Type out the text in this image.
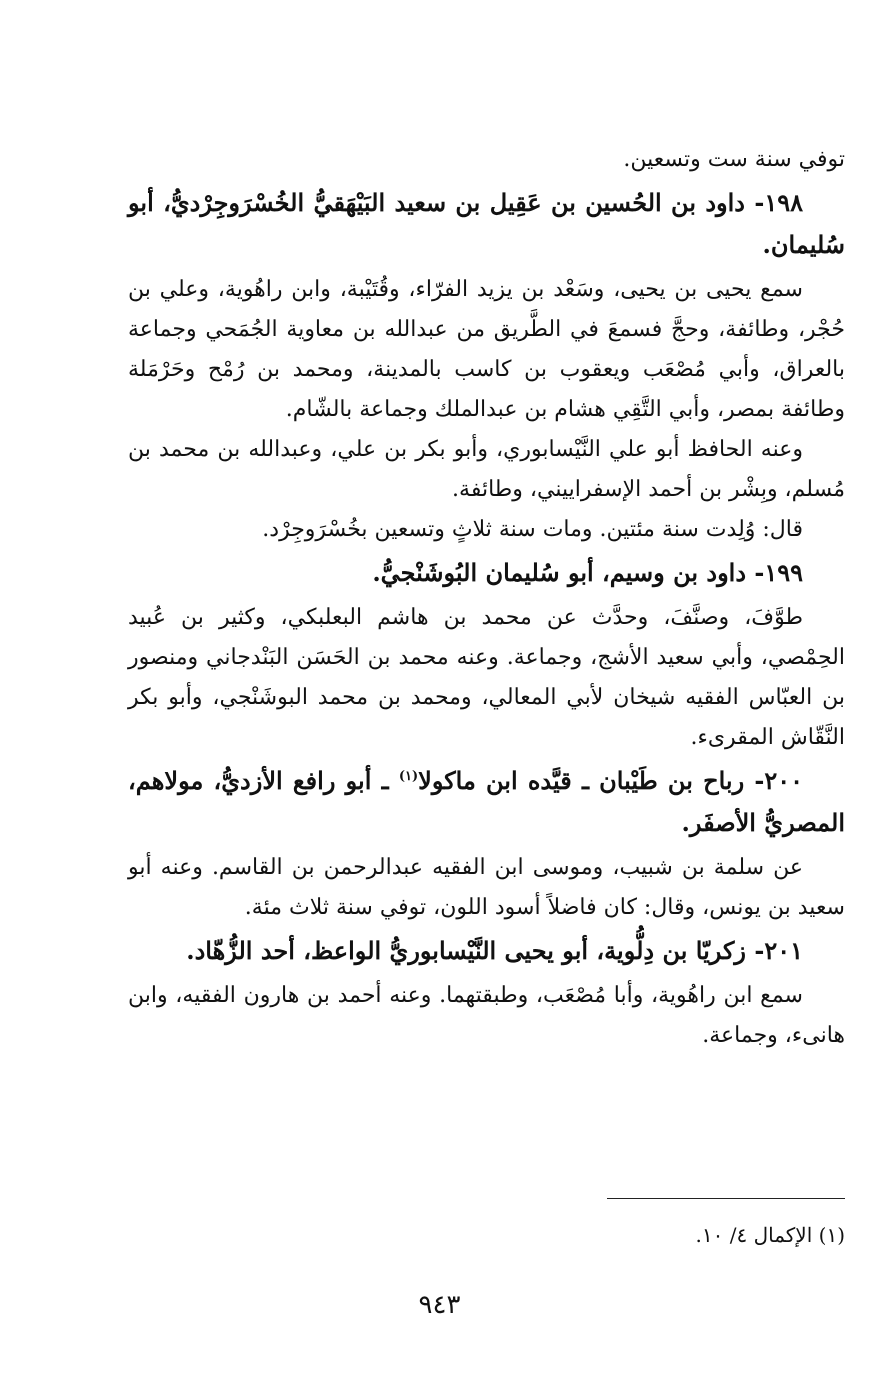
توفي سنة ست وتسعين.

١٩٨- داود بن الحُسين بن عَقِيل بن سعيد البَيْهَقيُّ الخُسْرَوجِرْديُّ، أبو سُليمان.

سمع يحيى بن يحيى، وسَعْد بن يزيد الفرّاء، وقُتَيْبة، وابن راهُوية، وعلي بن حُجْر، وطائفة، وحجَّ فسمعَ في الطَّريق من عبدالله بن معاوية الجُمَحي وجماعة بالعراق، وأبي مُصْعَب ويعقوب بن كاسب بالمدينة، ومحمد بن رُمْح وحَرْمَلة وطائفة بمصر، وأبي التَّقِي هشام بن عبدالملك وجماعة بالشّام.

وعنه الحافظ أبو علي النَّيْسابوري، وأبو بكر بن علي، وعبدالله بن محمد بن مُسلم، وبِشْر بن أحمد الإسفراييني، وطائفة.

قال: وُلِدت سنة مئتين. ومات سنة ثلاثٍ وتسعين بخُسْرَوجِرْد.

١٩٩- داود بن وسيم، أبو سُليمان البُوشَنْجيُّ.

طوَّفَ، وصنَّفَ، وحدَّث عن محمد بن هاشم البعلبكي، وكثير بن عُبيد الحِمْصي، وأبي سعيد الأشج، وجماعة. وعنه محمد بن الحَسَن البَنْدجاني ومنصور بن العبّاس الفقيه شيخان لأبي المعالي، ومحمد بن محمد البوشَنْجي، وأبو بكر النَّقّاش المقرىء.

٢٠٠- رباح بن طَيْبان ـ قيَّده ابن ماكولا$^{(١)}$ ـ أبو رافع الأزديُّ، مولاهم، المصريُّ الأصفَر.

عن سلمة بن شبيب، وموسى ابن الفقيه عبدالرحمن بن القاسم. وعنه أبو سعيد بن يونس، وقال: كان فاضلاً أسود اللون، توفي سنة ثلاث مئة.

٢٠١- زكريّا بن دِلُّوية، أبو يحيى النَّيْسابوريُّ الواعظ، أحد الزُّهّاد.

سمع ابن راهُوية، وأبا مُصْعَب، وطبقتهما. وعنه أحمد بن هارون الفقيه، وابن هانىء، وجماعة.

(١) الإكمال ٤/ ١٠.
٩٤٣
